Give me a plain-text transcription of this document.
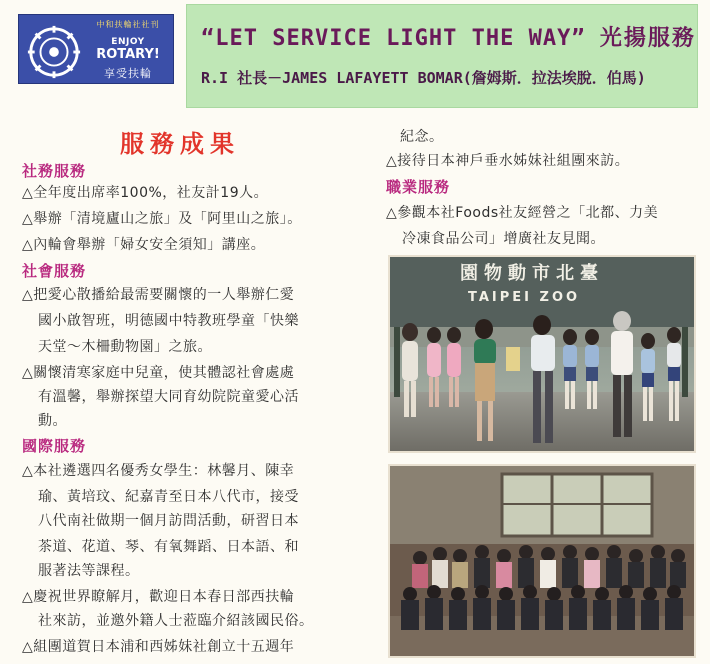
中和扶輪社社刊
ENJOY
ROTARY!
享受扶輪
“LET SERVICE LIGHT THE WAY” 光揚服務
R.I 社長－JAMES LAFAYETT BOMAR(詹姆斯．拉法埃脫．伯馬)
服務成果
社務服務
△全年度出席率100%，社友計19人。
△舉辦「清境廬山之旅」及「阿里山之旅」。
△內輪會舉辦「婦女安全須知」講座。
社會服務
△把愛心散播給最需要關懷的一人舉辦仁愛
國小啟智班，明德國中特教班學童「快樂
天堂～木柵動物園」之旅。
△關懷清寒家庭中兒童，使其體認社會處處
有溫馨，舉辦探望大同育幼院院童愛心活
動。
國際服務
△本社遴選四名優秀女學生：林馨月、陳幸
瑜、黃培玟、紀嘉青至日本八代市，接受
八代南社做期一個月訪問活動，研習日本
茶道、花道、琴、有氧舞蹈、日本語、和
服著法等課程。
△慶祝世界瞭解月，歡迎日本春日部西扶輪
社來訪，並邀外籍人士蒞臨介紹該國民俗。
△組團道賀日本浦和西姊妹社創立十五週年
紀念。
△接待日本神戶垂水姊妹社組團來訪。
職業服務
△參觀本社Foods社友經營之「北都、力美
冷凍食品公司」增廣社友見聞。
園物動市北臺
TAIPEI ZOO
